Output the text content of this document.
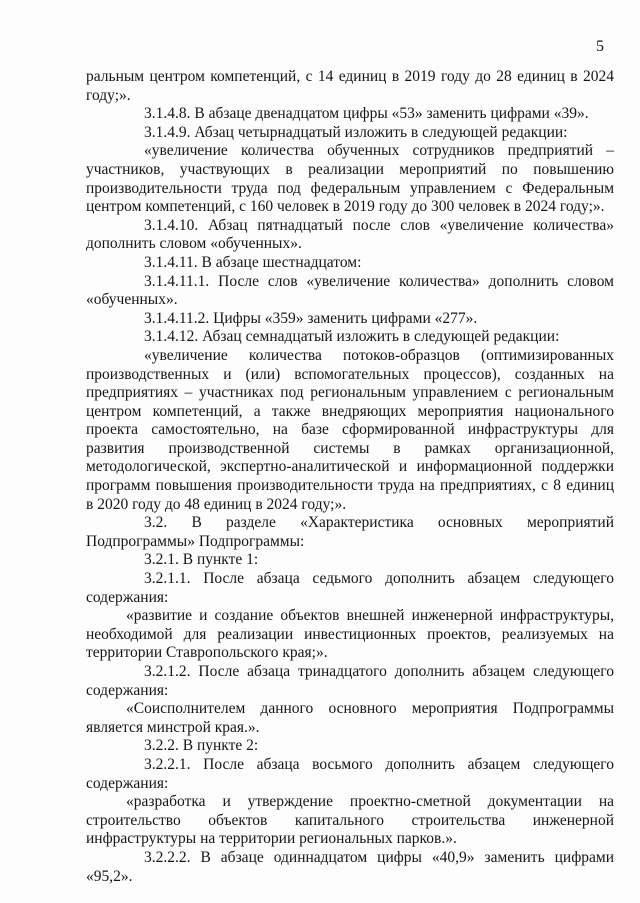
5

ральным центром компетенций, с 14 единиц в 2019 году до 28 единиц в 2024 году;».

3.1.4.8. В абзаце двенадцатом цифры «53» заменить цифрами «39».

3.1.4.9. Абзац четырнадцатый изложить в следующей редакции:

«увеличение количества обученных сотрудников предприятий – участников, участвующих в реализации мероприятий по повышению производительности труда под федеральным управлением с Федеральным центром компетенций, с 160 человек в 2019 году до 300 человек в 2024 году;».

3.1.4.10. Абзац пятнадцатый после слов «увеличение количества» дополнить словом «обученных».

3.1.4.11. В абзаце шестнадцатом:

3.1.4.11.1. После слов «увеличение количества» дополнить словом «обученных».

3.1.4.11.2. Цифры «359» заменить цифрами «277».

3.1.4.12. Абзац семнадцатый изложить в следующей редакции:

«увеличение количества потоков-образцов (оптимизированных производственных и (или) вспомогательных процессов), созданных на предприятиях – участниках под региональным управлением с региональным центром компетенций, а также внедряющих мероприятия национального проекта самостоятельно, на базе сформированной инфраструктуры для развития производственной системы в рамках организационной, методологической, экспертно-аналитической и информационной поддержки программ повышения производительности труда на предприятиях, с 8 единиц в 2020 году до 48 единиц в 2024 году;».

3.2. В разделе «Характеристика основных мероприятий Подпрограммы» Подпрограммы:

3.2.1. В пункте 1:

3.2.1.1. После абзаца седьмого дополнить абзацем следующего содержания:

«развитие и создание объектов внешней инженерной инфраструктуры, необходимой для реализации инвестиционных проектов, реализуемых на территории Ставропольского края;».

3.2.1.2. После абзаца тринадцатого дополнить абзацем следующего содержания:

«Соисполнителем данного основного мероприятия Подпрограммы является минстрой края.».

3.2.2. В пункте 2:

3.2.2.1. После абзаца восьмого дополнить абзацем следующего содержания:

«разработка и утверждение проектно-сметной документации на строительство объектов капитального строительства инженерной инфраструктуры на территории региональных парков.».

3.2.2.2. В абзаце одиннадцатом цифры «40,9» заменить цифрами «95,2».
